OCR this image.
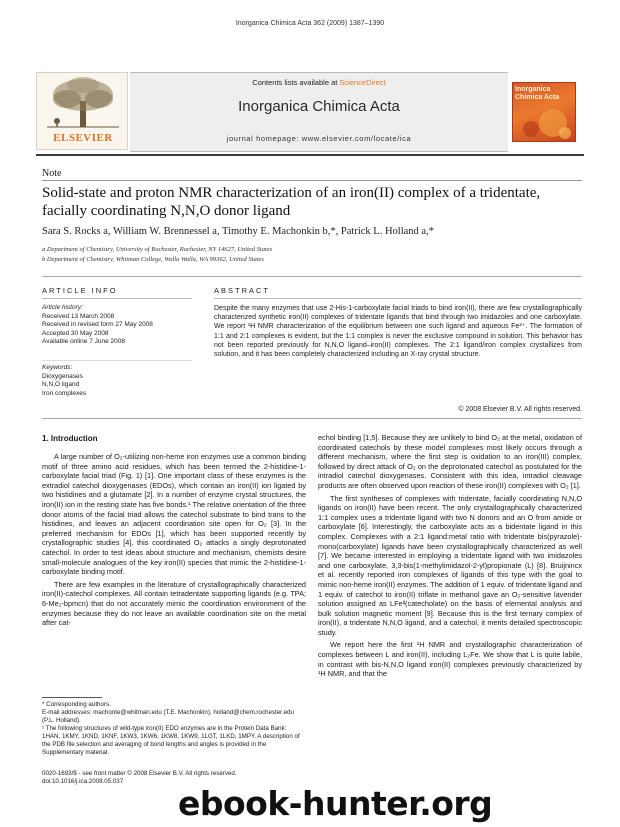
Inorganica Chimica Acta 362 (2009) 1387–1390
ELSEVIER
Contents lists available at ScienceDirect
Inorganica Chimica Acta
journal homepage: www.elsevier.com/locate/ica
Inorganica Chimica Acta
Note
Solid-state and proton NMR characterization of an iron(II) complex of a tridentate, facially coordinating N,N,O donor ligand
Sara S. Rocks a, William W. Brennessel a, Timothy E. Machonkin b,*, Patrick L. Holland a,*
a Department of Chemistry, University of Rochester, Rochester, NY 14627, United States
b Department of Chemistry, Whitman College, Walla Walla, WA 99362, United States
ARTICLE INFO	ABSTRACT
Article history:
Received 13 March 2008
Received in revised form 27 May 2008
Accepted 30 May 2008
Available online 7 June 2008
Keywords:
Dioxygenases
N,N,O ligand
Iron complexes
Despite the many enzymes that use 2-His-1-carboxylate facial triads to bind iron(II), there are few crystallographically characterized synthetic iron(II) complexes of tridentate ligands that bind through two imidazoles and one carboxylate. We report ¹H NMR characterization of the equilibrium between one such ligand and aqueous Fe²⁺. The formation of 1:1 and 2:1 complexes is evident, but the 1:1 complex is never the exclusive compound in solution. This behavior has not been reported previously for N,N,O ligand–iron(II) complexes. The 2:1 ligand/iron complex crystallizes from solution, and it has been completely characterized including an X-ray crystal structure.
© 2008 Elsevier B.V. All rights reserved.
1. Introduction

A large number of O₂-utilizing non-heme iron enzymes use a common binding motif of three amino acid residues, which has been termed the 2-histidine-1-carboxylate facial triad (Fig. 1) [1]. One important class of these enzymes is the extradiol catechol dioxygenases (EDOs), which contain an iron(II) ion ligated by two histidines and a glutamate [2]. In a number of enzyme crystal structures, the iron(II) ion in the resting state has five bonds.¹ The relative orientation of the three donor atoms of the facial triad allows the catechol substrate to bind trans to the histidines, and leaves an adjacent coordination site open for O₂ [3]. In the preferred mechanism for EDOs [1], which has been supported recently by crystallographic studies [4], this coordinated O₂ attacks a singly deprotonated catechol. In order to test ideas about structure and mechanism, chemists desire small-molecule analogues of the key iron(II) species that mimic the 2-histidine-1-carboxylate binding motif.

There are few examples in the literature of crystallographically characterized iron(II)-catechol complexes. All contain tetradentate supporting ligands (e.g. TPA; 6-Me₂-bpmcn) that do not accurately mimic the coordination environment of the enzymes because they do not leave an available coordination site on the metal after cat-

echol binding [1,5]. Because they are unlikely to bind O₂ at the metal, oxidation of coordinated catechols by these model complexes most likely occurs through a different mechanism, where the first step is oxidation to an iron(III) complex, followed by direct attack of O₂ on the deprotonated catechol as postulated for the intradiol catechol dioxygenases. Consistent with this idea, intradiol cleavage products are often observed upon reaction of these iron(II) complexes with O₂ [1].

The first syntheses of complexes with tridentate, facially coordinating N,N,O ligands on iron(II) have been recent. The only crystallographically characterized 1:1 complex uses a tridentate ligand with two N donors and an O from amide or carboxylate [6]. Interestingly, the carboxylate acts as a bidentate ligand in this complex. Complexes with a 2:1 ligand:metal ratio with tridentate bis(pyrazole)-mono(carboxylate) ligands have been crystallographically characterized as well [7]. We became interested in employing a tridentate ligand with two imidazoles and one carboxylate, 3,3-bis(1-methylimidazol-2-yl)propionate (L) [8]. Bruijnincx et al. recently reported iron complexes of ligands of this type with the goal to mimic non-heme iron(II) enzymes. The addition of 1 equiv. of tridentate ligand and 1 equiv. of catechol to iron(II) triflate in methanol gave an O₂-sensitive lavender solution assigned as LFeᴵᴵ(catecholate) on the basis of elemental analysis and bulk solution magnetic moment [9]. Because this is the first ternary complex of iron(II), a tridentate N,N,O ligand, and a catechol, it merits detailed spectroscopic study.

We report here the first ¹H NMR and crystallographic characterization of complexes between L and iron(II), including L₂Fe. We show that L is quite labile, in contrast with bis-N,N,O ligand iron(II) complexes previously characterized by ¹H NMR, and that the

* Corresponding authors.
E-mail addresses: machonte@whitman.edu (T.E. Machonkin), holland@chem.rochester.edu (P.L. Holland).
¹ The following structures of wild-type iron(II) EDO enzymes are in the Protein Data Bank: 1HAN, 1KMY, 1KND, 1KNF, 1KW3, 1KW6, 1KW8, 1KW9, 1LGT, 1LKD, 1MPY. A description of the PDB file selection and averaging of bond lengths and angles is provided in the Supplementary material.
0020-1693/$ - see front matter © 2008 Elsevier B.V. All rights reserved.
doi:10.1016/j.ica.2008.05.037
ebook-hunter.org
